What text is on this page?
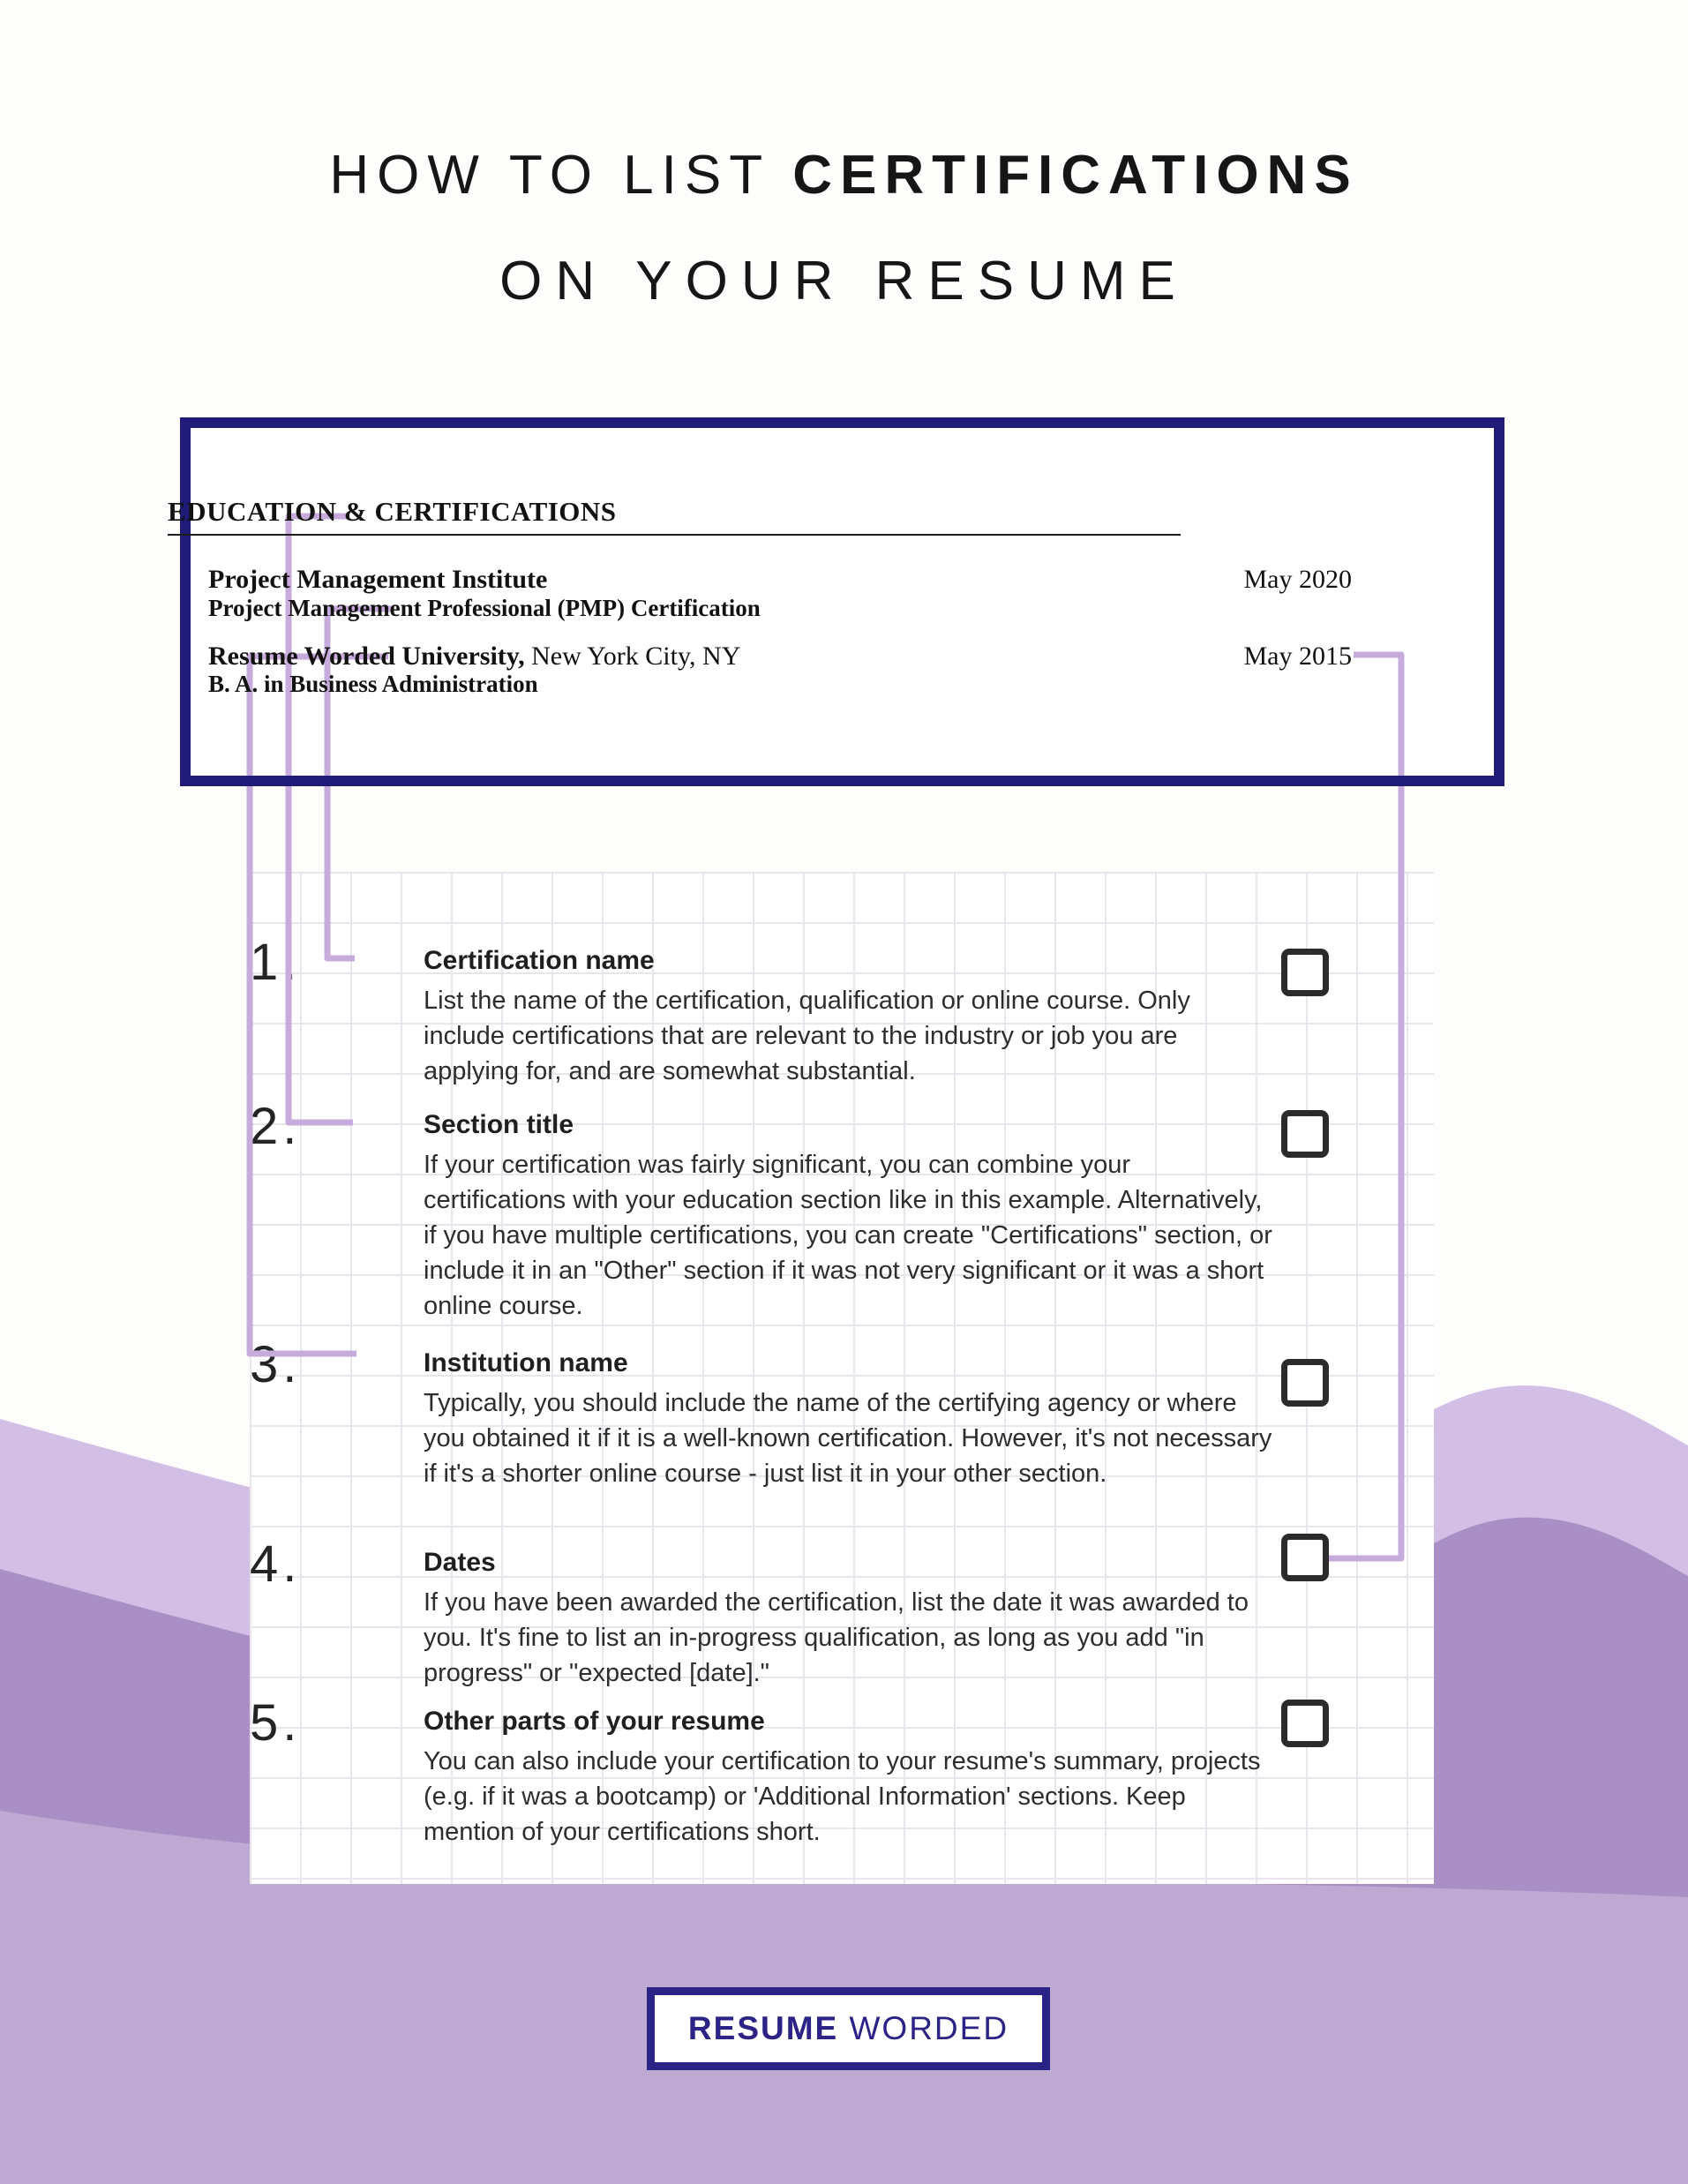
HOW TO LIST CERTIFICATIONS
ON YOUR RESUME
1.	Certification name

List the name of the certification, qualification or online course. Only include certifications that are relevant to the industry or job you are applying for, and are somewhat substantial.

2.	Section title

If your certification was fairly significant, you can combine your certifications with your education section like in this example. Alternatively, if you have multiple certifications, you can create "Certifications" section, or include it in an "Other" section if it was not very significant or it was a short online course.

3.	Institution name

Typically, you should include the name of the certifying agency or where you obtained it if it is a well-known certification. However, it's not necessary if it's a shorter online course - just list it in your other section.

4.	Dates

If you have been awarded the certification, list the date it was awarded to you. It's fine to list an in-progress qualification, as long as you add "in progress" or "expected [date]."

5.	Other parts of your resume

You can also include your certification to your resume's summary, projects (e.g. if it was a bootcamp) or 'Additional Information' sections. Keep mention of your certifications short.

EDUCATION & CERTIFICATIONS
Project Management Institute	May 2020
Project Management Professional (PMP) Certification
Resume Worded University, New York City, NY	May 2015
B. A. in Business Administration
RESUME WORDED
